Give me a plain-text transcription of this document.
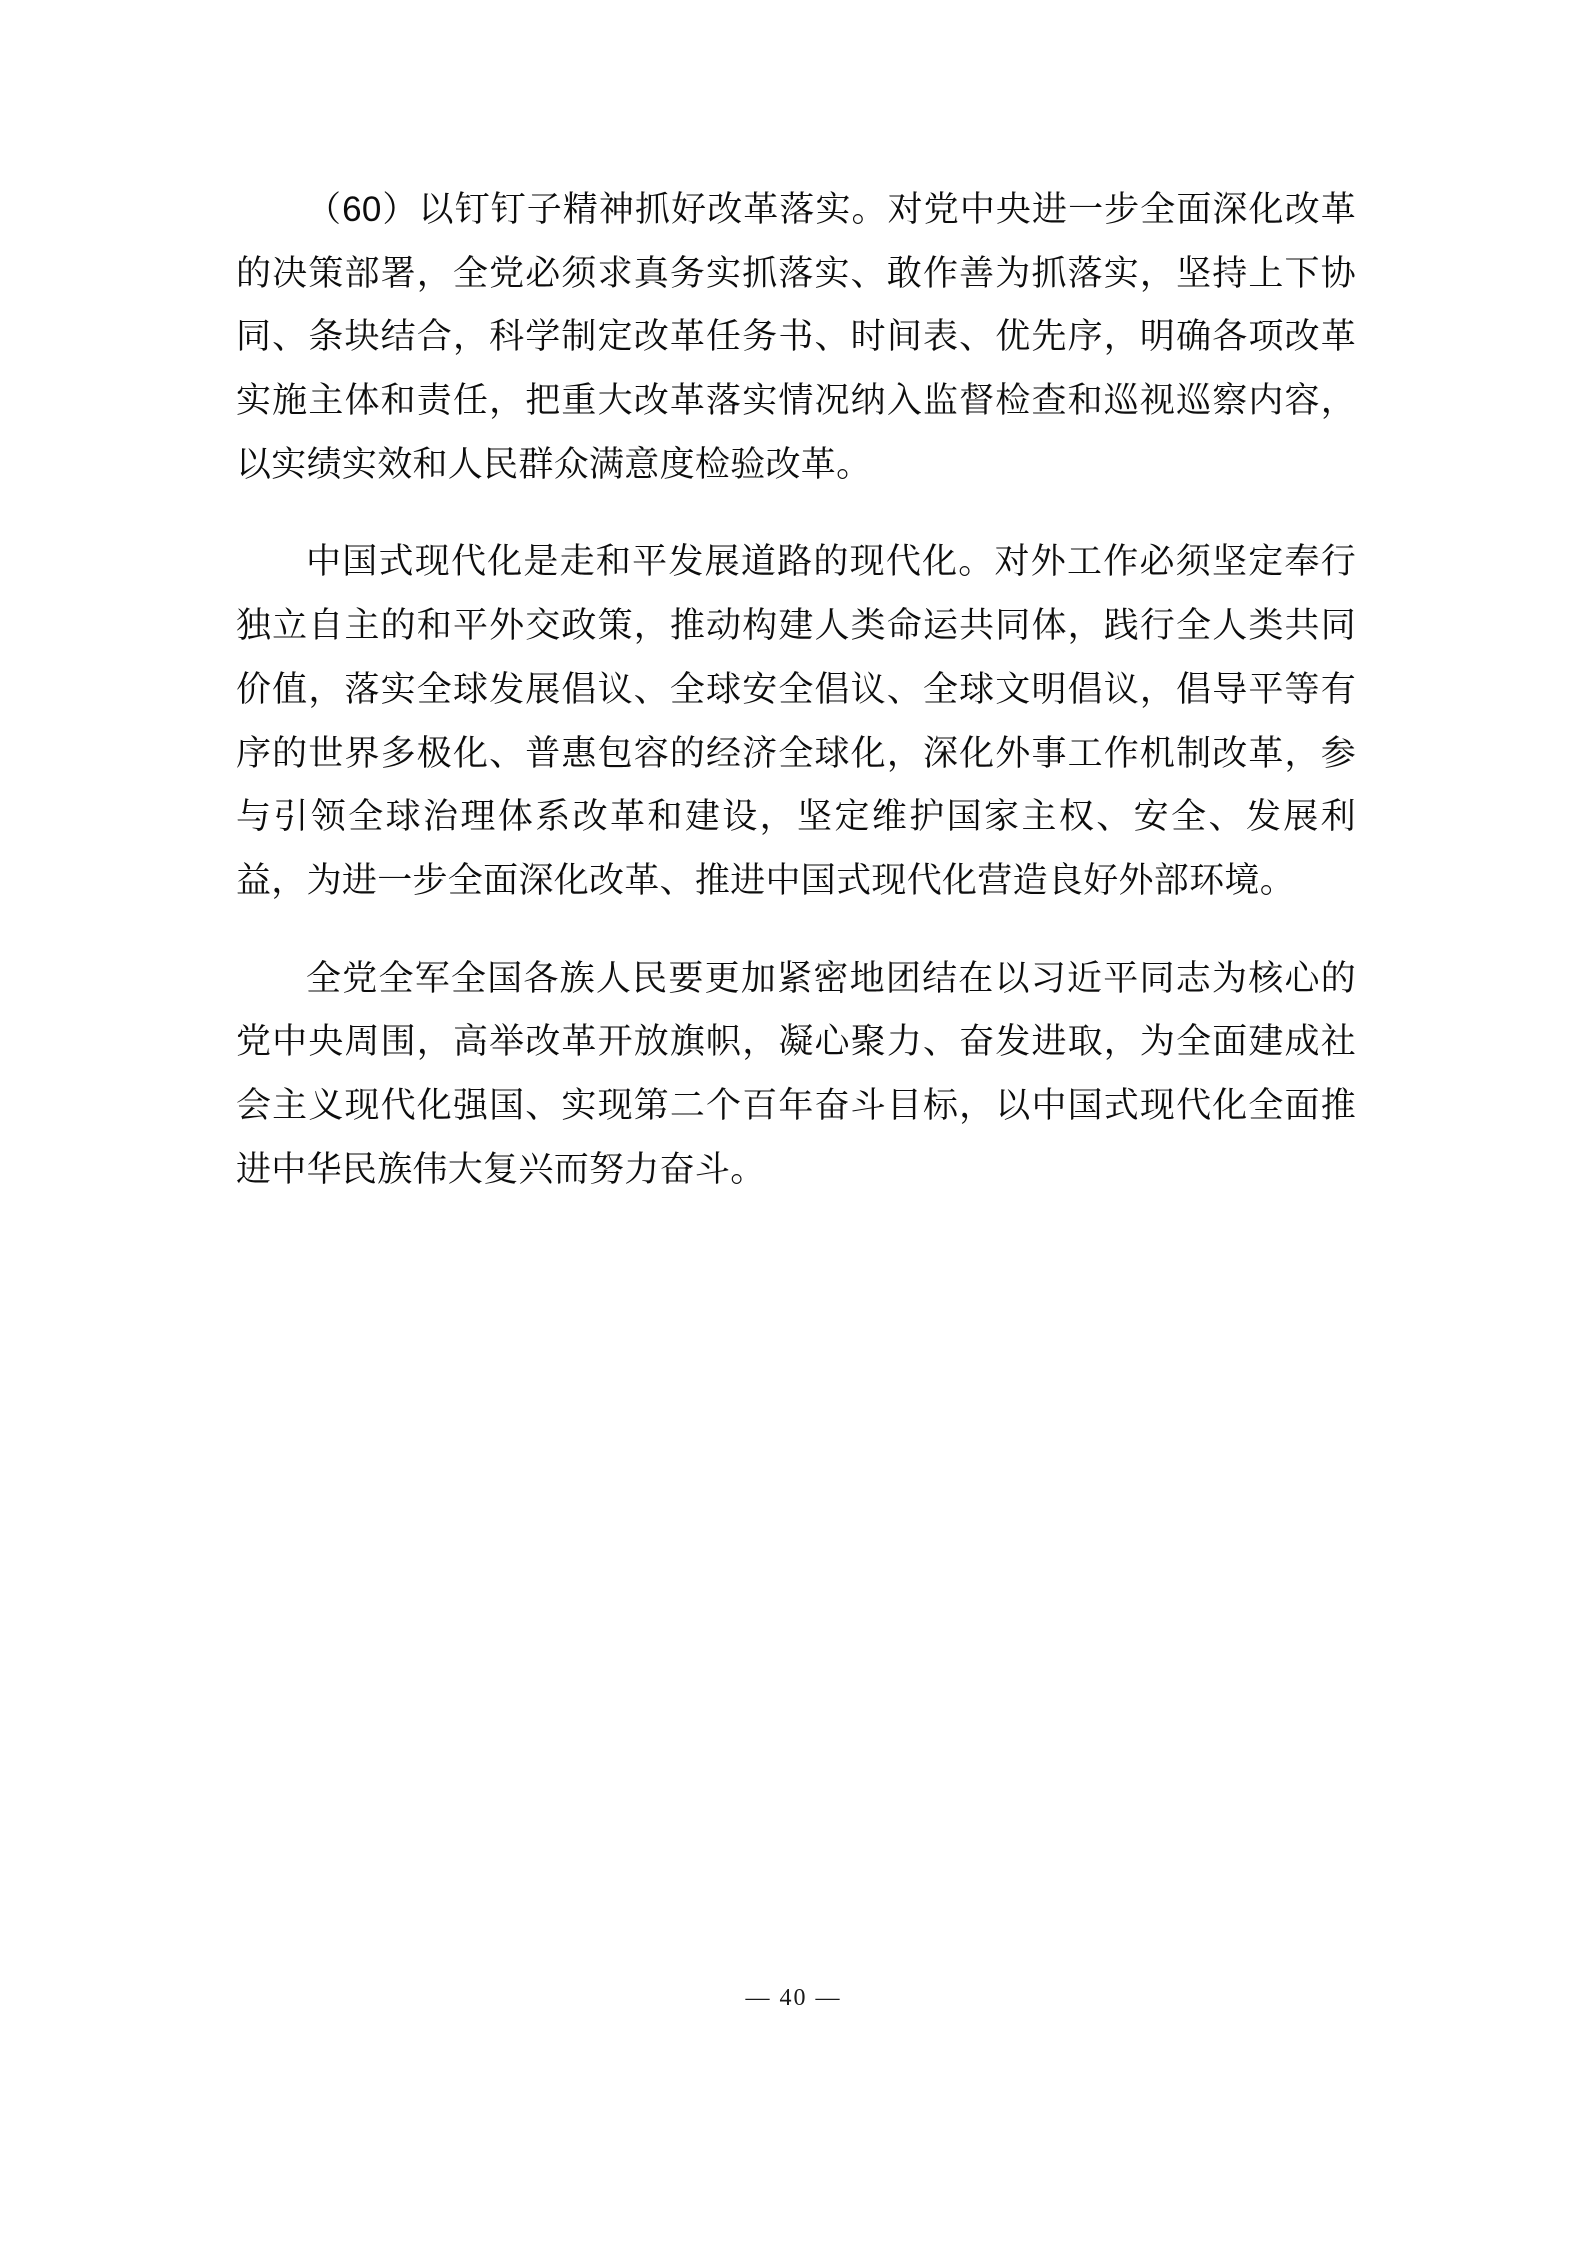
（60）以钉钉子精神抓好改革落实。对党中央进一步全面深化改革的决策部署，全党必须求真务实抓落实、敢作善为抓落实，坚持上下协同、条块结合，科学制定改革任务书、时间表、优先序，明确各项改革实施主体和责任，把重大改革落实情况纳入监督检查和巡视巡察内容，以实绩实效和人民群众满意度检验改革。

中国式现代化是走和平发展道路的现代化。对外工作必须坚定奉行独立自主的和平外交政策，推动构建人类命运共同体，践行全人类共同价值，落实全球发展倡议、全球安全倡议、全球文明倡议，倡导平等有序的世界多极化、普惠包容的经济全球化，深化外事工作机制改革，参与引领全球治理体系改革和建设，坚定维护国家主权、安全、发展利益，为进一步全面深化改革、推进中国式现代化营造良好外部环境。

全党全军全国各族人民要更加紧密地团结在以习近平同志为核心的党中央周围，高举改革开放旗帜，凝心聚力、奋发进取，为全面建成社会主义现代化强国、实现第二个百年奋斗目标，以中国式现代化全面推进中华民族伟大复兴而努力奋斗。

— 40 —
